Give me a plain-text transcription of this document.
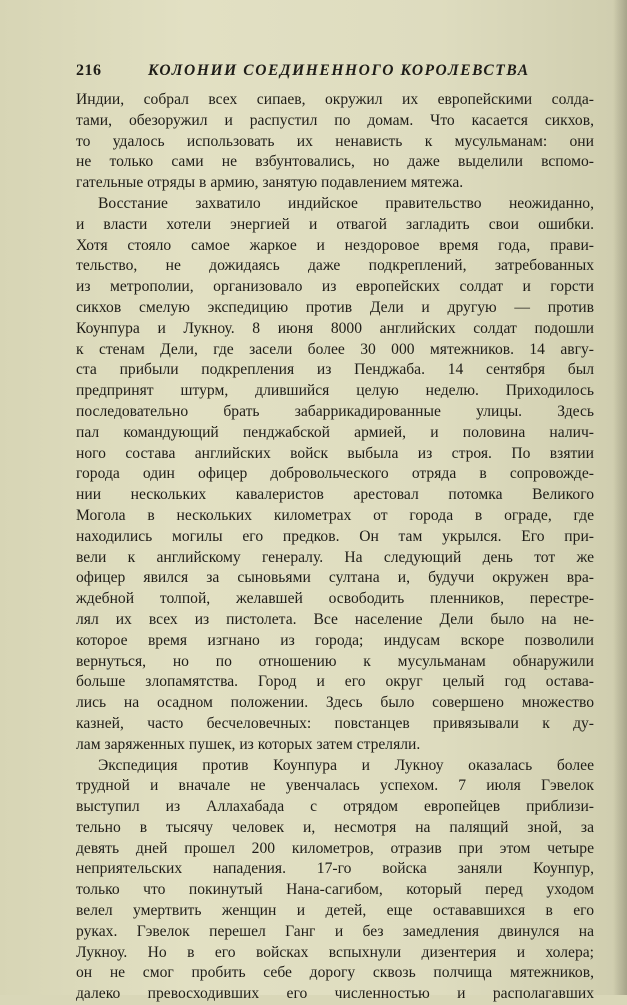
216	КОЛОНИИ СОЕДИНЕННОГО КОРОЛЕВСТВА
Индии, собрал всех сипаев, окружил их европейскими солда-
тами, обезоружил и распустил по домам. Что касается сикхов,
то удалось использовать их ненависть к мусульманам: они
не только сами не взбунтовались, но даже выделили вспомо-
гательные отряды в армию, занятую подавлением мятежа.
Восстание захватило индийское правительство неожиданно,
и власти хотели энергией и отвагой загладить свои ошибки.
Хотя стояло самое жаркое и нездоровое время года, прави-
тельство, не дожидаясь даже подкреплений, затребованных
из метрополии, организовало из европейских солдат и горсти
сикхов смелую экспедицию против Дели и другую — против
Коунпура и Лукноу. 8 июня 8000 английских солдат подошли
к стенам Дели, где засели более 30 000 мятежников. 14 авгу-
ста прибыли подкрепления из Пенджаба. 14 сентября был
предпринят штурм, длившийся целую неделю. Приходилось
последовательно брать забаррикадированные улицы. Здесь
пал командующий пенджабской армией, и половина налич-
ного состава английских войск выбыла из строя. По взятии
города один офицер добровольческого отряда в сопровожде-
нии нескольких кавалеристов арестовал потомка Великого
Могола в нескольких километрах от города в ограде, где
находились могилы его предков. Он там укрылся. Его при-
вели к английскому генералу. На следующий день тот же
офицер явился за сыновьями султана и, будучи окружен вра-
ждебной толпой, желавшей освободить пленников, перестре-
лял их всех из пистолета. Все население Дели было на не-
которое время изгнано из города; индусам вскоре позволили
вернуться, но по отношению к мусульманам обнаружили
больше злопамятства. Город и его округ целый год остава-
лись на осадном положении. Здесь было совершено множество
казней, часто бесчеловечных: повстанцев привязывали к ду-
лам заряженных пушек, из которых затем стреляли.
Экспедиция против Коунпура и Лукноу оказалась более
трудной и вначале не увенчалась успехом. 7 июля Гэвелок
выступил из Аллахабада с отрядом европейцев приблизи-
тельно в тысячу человек и, несмотря на палящий зной, за
девять дней прошел 200 километров, отразив при этом четыре
неприятельских нападения. 17-го войска заняли Коунпур,
только что покинутый Нана-сагибом, который перед уходом
велел умертвить женщин и детей, еще остававшихся в его
руках. Гэвелок перешел Ганг и без замедления двинулся на
Лукноу. Но в его войсках вспыхнули дизентерия и холера;
он не смог пробить себе дорогу сквозь полчища мятежников,
далеко превосходивших его численностью и располагавших
